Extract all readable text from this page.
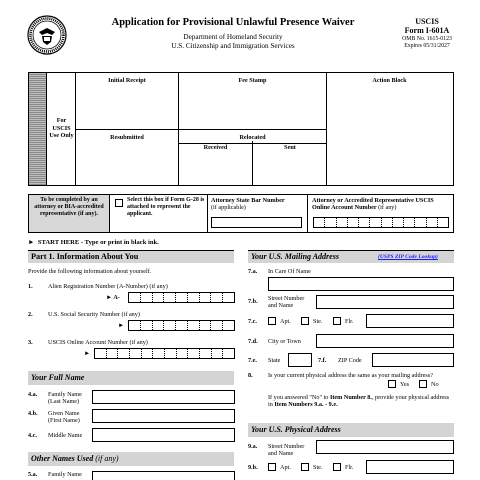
Application for Provisional Unlawful Presence Waiver
Department of Homeland Security
U.S. Citizenship and Immigration Services
USCIS
Form I-601A
OMB No. 1615-0123
Expires 05/31/2027
For USCIS Use Only
Initial Receipt
Resubmitted
Fee Stamp
Relocated
Received	Sent
Action Block
To be completed by an attorney or BIA-accredited representative (if any).
Select this box if Form G-28 is attached to represent the applicant.
Attorney State Bar Number
(if applicable)
Attorney or Accredited Representative USCIS Online Account Number (if any)
► START HERE - Type or print in black ink.
Part 1. Information About You
Provide the following information about yourself.
1. Alien Registration Number (A-Number) (if any)
► A-
2. U.S. Social Security Number (if any)
►
3. USCIS Online Account Number (if any)
►
Your Full Name
4.a. Family Name (Last Name)
4.b. Given Name (First Name)
4.c. Middle Name
Other Names Used (if any)
5.a. Family Name
Your U.S. Mailing Address	(USPS ZIP Code Lookup)
7.a. In Care Of Name
7.b. Street Number and Name
7.c.	Apt.	Ste.	Flr.
7.d. City or Town
7.e. State	7.f. ZIP Code
8. Is your current physical address the same as your mailing address?
Yes	No
If you answered "No" to Item Number 8., provide your physical address in Item Numbers 9.a. - 9.e.
Your U.S. Physical Address
9.a. Street Number and Name
9.b.	Apt.	Ste.	Flr.
